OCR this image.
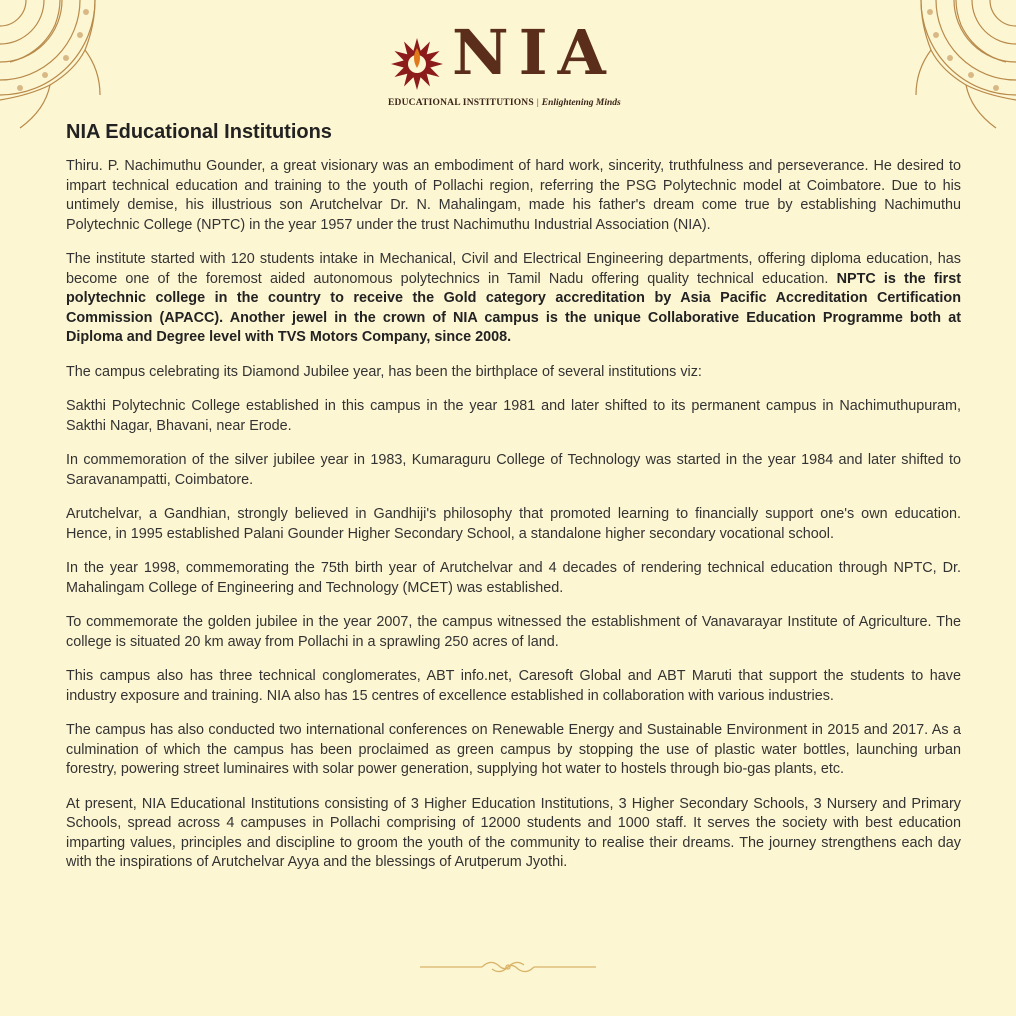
NIA
EDUCATIONAL INSTITUTIONS | Enlightening Minds
NIA Educational Institutions

Thiru. P. Nachimuthu Gounder, a great visionary was an embodiment of hard work, sincerity, truthfulness and perseverance. He desired to impart technical education and training to the youth of Pollachi region, referring the PSG Polytechnic model at Coimbatore. Due to his untimely demise, his illustrious son Arutchelvar Dr. N. Mahalingam, made his father's dream come true by establishing Nachimuthu Polytechnic College (NPTC) in the year 1957 under the trust Nachimuthu Industrial Association (NIA).

The institute started with 120 students intake in Mechanical, Civil and Electrical Engineering departments, offering diploma education, has become one of the foremost aided autonomous polytechnics in Tamil Nadu offering quality technical education. NPTC is the first polytechnic college in the country to receive the Gold category accreditation by Asia Pacific Accreditation Certification Commission (APACC). Another jewel in the crown of NIA campus is the unique Collaborative Education Programme both at Diploma and Degree level with TVS Motors Company, since 2008.

The campus celebrating its Diamond Jubilee year, has been the birthplace of several institutions viz:

Sakthi Polytechnic College established in this campus in the year 1981 and later shifted to its permanent campus in Nachimuthupuram, Sakthi Nagar, Bhavani, near Erode.

In commemoration of the silver jubilee year in 1983, Kumaraguru College of Technology was started in the year 1984 and later shifted to Saravanampatti, Coimbatore.

Arutchelvar, a Gandhian, strongly believed in Gandhiji's philosophy that promoted learning to financially support one's own education. Hence, in 1995 established Palani Gounder Higher Secondary School, a standalone higher secondary vocational school.

In the year 1998, commemorating the 75th birth year of Arutchelvar and 4 decades of rendering technical education through NPTC, Dr. Mahalingam College of Engineering and Technology (MCET) was established.

To commemorate the golden jubilee in the year 2007, the campus witnessed the establishment of Vanavarayar Institute of Agriculture. The college is situated 20 km away from Pollachi in a sprawling 250 acres of land.

This campus also has three technical conglomerates, ABT info.net, Caresoft Global and ABT Maruti that support the students to have industry exposure and training. NIA also has 15 centres of excellence established in collaboration with various industries.

The campus has also conducted two international conferences on Renewable Energy and Sustainable Environment in 2015 and 2017. As a culmination of which the campus has been proclaimed as green campus by stopping the use of plastic water bottles, launching urban forestry, powering street luminaires with solar power generation, supplying hot water to hostels through bio-gas plants, etc.

At present, NIA Educational Institutions consisting of 3 Higher Education Institutions, 3 Higher Secondary Schools, 3 Nursery and Primary Schools, spread across 4 campuses in Pollachi comprising of 12000 students and 1000 staff. It serves the society with best education imparting values, principles and discipline to groom the youth of the community to realise their dreams. The journey strengthens each day with the inspirations of Arutchelvar Ayya and the blessings of Arutperum Jyothi.
